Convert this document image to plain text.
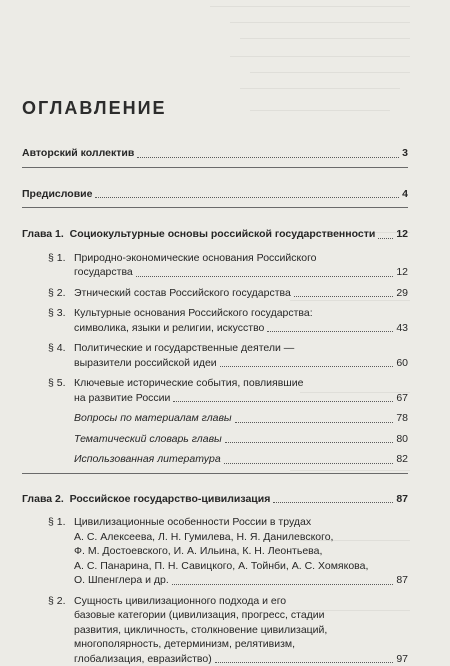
ОГЛАВЛЕНИЕ
Авторский коллектив	3
Предисловие	4
Глава 1. Социокультурные основы российской государственности 12
§ 1. Природно-экономические основания Российского
государства	12
§ 2. Этнический состав Российского государства	29
§ 3. Культурные основания Российского государства:
символика, языки и религии, искусство	43
§ 4. Политические и государственные деятели —
выразители российской идеи	60
§ 5. Ключевые исторические события, повлиявшие
на развитие России	67
Вопросы по материалам главы	78
Тематический словарь главы	80
Использованная литература	82
Глава 2. Российское государство-цивилизация	87
§ 1. Цивилизационные особенности России в трудах
А. С. Алексеева, Л. Н. Гумилева, Н. Я. Данилевского,
Ф. М. Достоевского, И. А. Ильина, К. Н. Леонтьева,
А. С. Панарина, П. Н. Савицкого, А. Тойнби, А. С. Хомякова,
О. Шпенглера и др.	87
§ 2. Сущность цивилизационного подхода и его
базовые категории (цивилизация, прогресс, стадии
развития, цикличность, столкновение цивилизаций,
многополярность, детерминизм, релятивизм,
глобализация, евразийство)	97
